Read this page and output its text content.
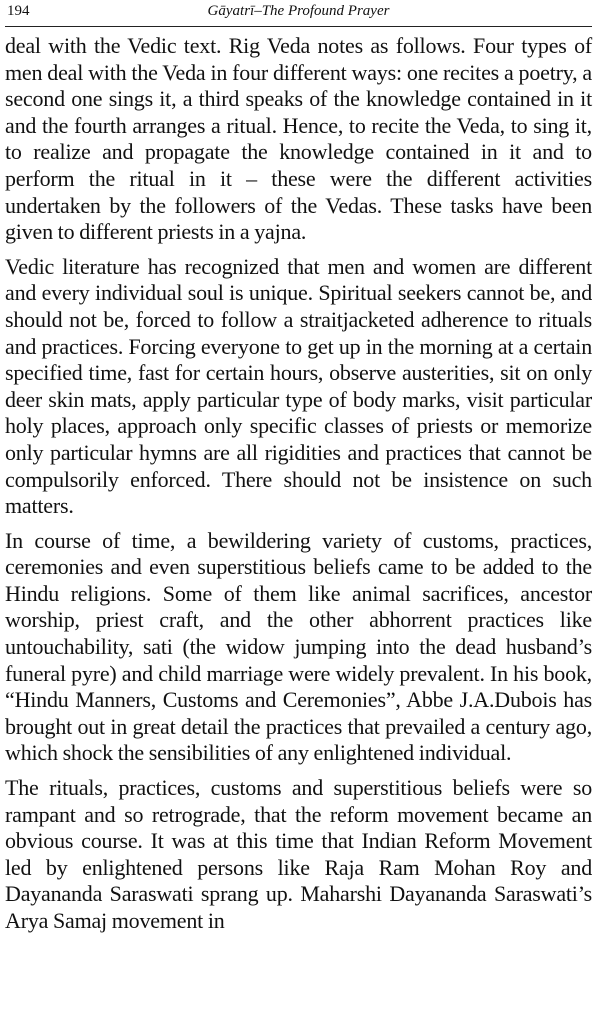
194	Gāyatrī–The Profound Prayer

deal with the Vedic text. Rig Veda notes as follows. Four types of men deal with the Veda in four different ways: one recites a poetry, a second one sings it, a third speaks of the knowledge contained in it and the fourth arranges a ritual. Hence, to recite the Veda, to sing it, to realize and propagate the knowledge contained in it and to perform the ritual in it – these were the different activities undertaken by the followers of the Vedas. These tasks have been given to different priests in a yajna.

Vedic literature has recognized that men and women are different and every individual soul is unique. Spiritual seekers cannot be, and should not be, forced to follow a straitjacketed adherence to rituals and practices. Forcing everyone to get up in the morning at a certain specified time, fast for certain hours, observe austerities, sit on only deer skin mats, apply particular type of body marks, visit particular holy places, approach only specific classes of priests or memorize only particular hymns are all rigidities and practices that cannot be compulsorily enforced. There should not be insistence on such matters.

In course of time, a bewildering variety of customs, practices, ceremonies and even superstitious beliefs came to be added to the Hindu religions. Some of them like animal sacrifices, ancestor worship, priest craft, and the other abhorrent practices like untouchability, sati (the widow jumping into the dead husband’s funeral pyre) and child marriage were widely prevalent. In his book, “Hindu Manners, Customs and Ceremonies”, Abbe J.A.Dubois has brought out in great detail the practices that prevailed a century ago, which shock the sensibilities of any enlightened individual.

The rituals, practices, customs and superstitious beliefs were so rampant and so retrograde, that the reform movement became an obvious course. It was at this time that Indian Reform Movement led by enlightened persons like Raja Ram Mohan Roy and Dayananda Saraswati sprang up. Maharshi Dayananda Saraswati’s Arya Samaj movement in
